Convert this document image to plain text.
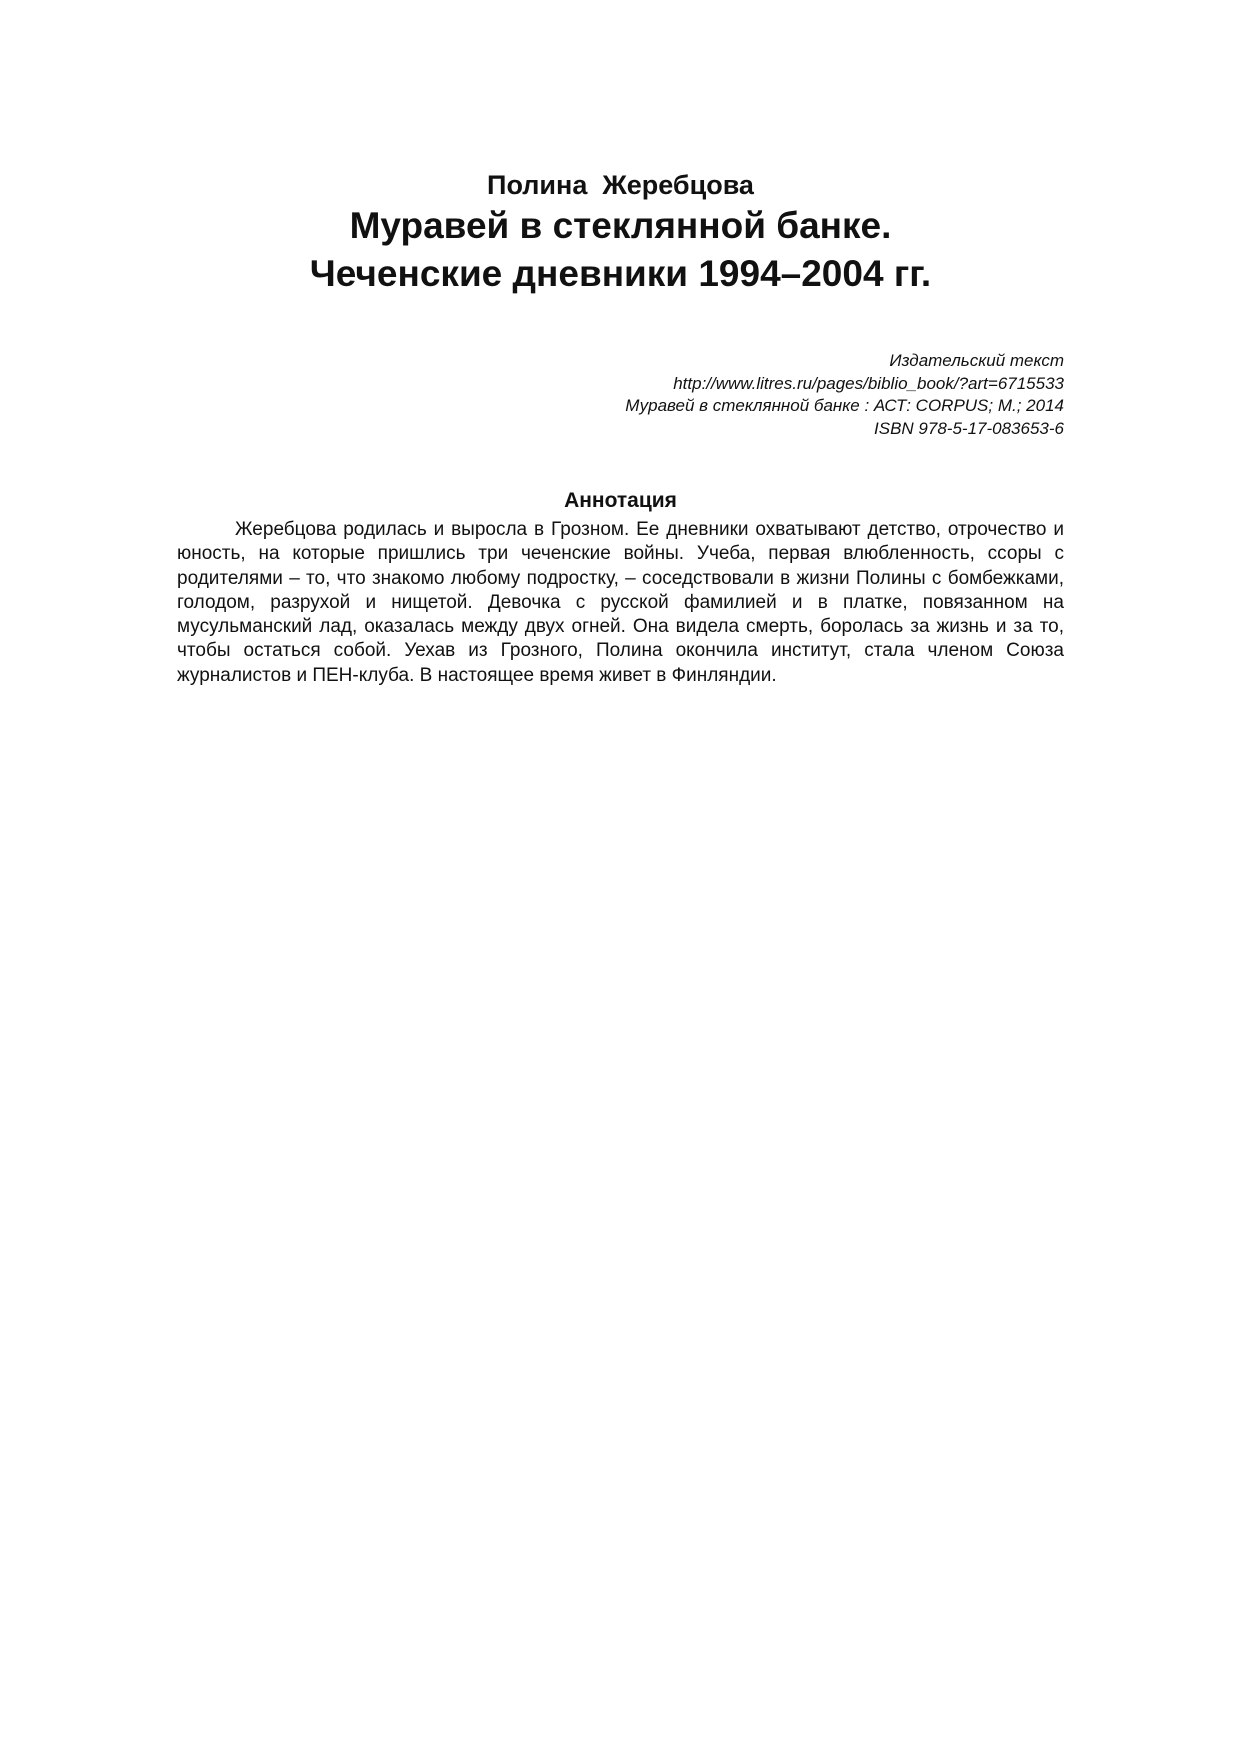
Полина  Жеребцова

Муравей в стеклянной банке.

Чеченские дневники 1994–2004 гг.

Издательский текст
http://www.litres.ru/pages/biblio_book/?art=6715533
Муравей в стеклянной банке : АСТ: CORPUS; М.; 2014
ISBN 978-5-17-083653-6
Аннотация

Жеребцова родилась и выросла в Грозном. Ее дневники охватывают детство, отрочество и юность, на которые пришлись три чеченские войны. Учеба, первая влюбленность, ссоры с родителями – то, что знакомо любому подростку, – соседствовали в жизни Полины с бомбежками, голодом, разрухой и нищетой. Девочка с русской фамилией и в платке, повязанном на мусульманский лад, оказалась между двух огней. Она видела смерть, боролась за жизнь и за то, чтобы остаться собой. Уехав из Грозного, Полина окончила институт, стала членом Союза журналистов и ПЕН-клуба. В настоящее время живет в Финляндии.
